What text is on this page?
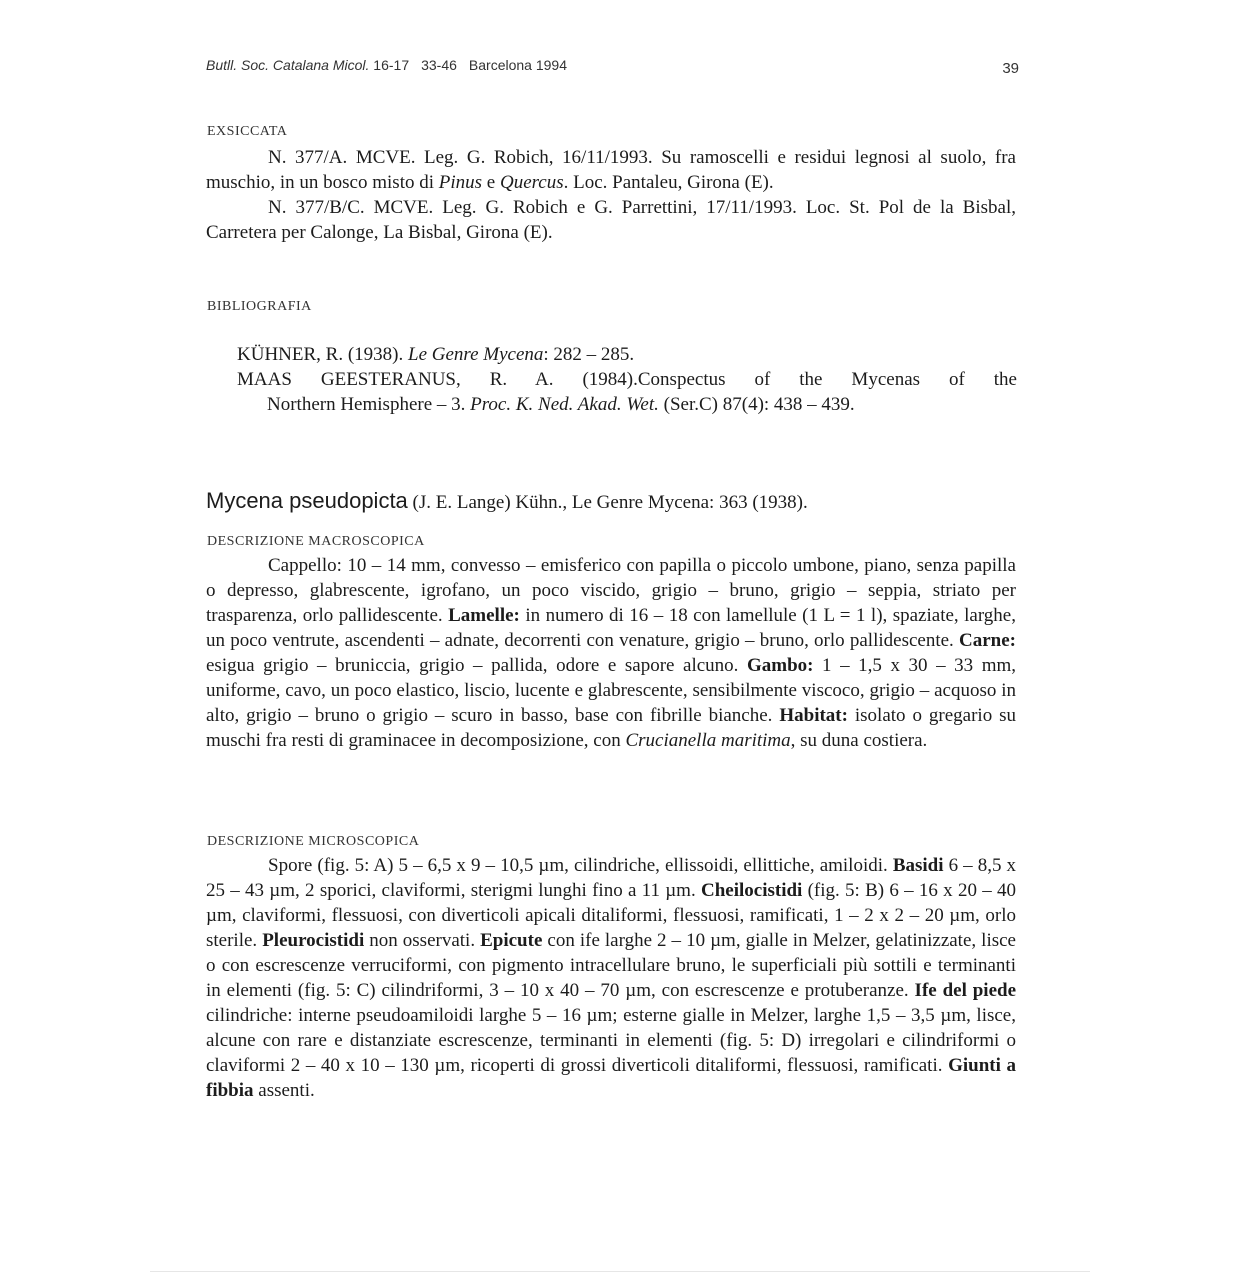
Butll. Soc. Catalana Micol. 16-17 33-46 Barcelona 1994	39
EXSICCATA

N. 377/A. MCVE. Leg. G. Robich, 16/11/1993. Su ramoscelli e residui legnosi al suolo, fra muschio, in un bosco misto di Pinus e Quercus. Loc. Pantaleu, Girona (E).

N. 377/B/C. MCVE. Leg. G. Robich e G. Parrettini, 17/11/1993. Loc. St. Pol de la Bisbal, Carretera per Calonge, La Bisbal, Girona (E).

BIBLIOGRAFIA

KÜHNER, R. (1938). Le Genre Mycena: 282 – 285.

MAAS GEESTERANUS, R. A. (1984).Conspectus of the Mycenas of the

Northern Hemisphere – 3. Proc. K. Ned. Akad. Wet. (Ser.C) 87(4): 438 – 439.

Mycena pseudopicta (J. E. Lange) Kühn., Le Genre Mycena: 363 (1938).
DESCRIZIONE MACROSCOPICA

Cappello: 10 – 14 mm, convesso – emisferico con papilla o piccolo umbone, piano, senza papilla o depresso, glabrescente, igrofano, un poco viscido, grigio – bruno, grigio – seppia, striato per trasparenza, orlo pallidescente. Lamelle: in numero di 16 – 18 con lamellule (1 L = 1 l), spaziate, larghe, un poco ventrute, ascendenti – adnate, decorrenti con venature, grigio – bruno, orlo pallidescente. Carne: esigua grigio – bruniccia, grigio – pallida, odore e sapore alcuno. Gambo: 1 – 1,5 x 30 – 33 mm, uniforme, cavo, un poco elastico, liscio, lucente e glabrescente, sensibilmente viscoco, grigio – acquoso in alto, grigio – bruno o grigio – scuro in basso, base con fibrille bianche. Habitat: isolato o gregario su muschi fra resti di graminacee in decomposizione, con Crucianella maritima, su duna costiera.

DESCRIZIONE MICROSCOPICA

Spore (fig. 5: A) 5 – 6,5 x 9 – 10,5 µm, cilindriche, ellissoidi, ellittiche, amiloidi. Basidi 6 – 8,5 x 25 – 43 µm, 2 sporici, claviformi, sterigmi lunghi fino a 11 µm. Cheilocistidi (fig. 5: B) 6 – 16 x 20 – 40 µm, claviformi, flessuosi, con diverticoli apicali ditaliformi, flessuosi, ramificati, 1 – 2 x 2 – 20 µm, orlo sterile. Pleurocistidi non osservati. Epicute con ife larghe 2 – 10 µm, gialle in Melzer, gelatinizzate, lisce o con escrescenze verruciformi, con pigmento intracellulare bruno, le superficiali più sottili e terminanti in elementi (fig. 5: C) cilindriformi, 3 – 10 x 40 – 70 µm, con escrescenze e protuberanze. Ife del piede cilindriche: interne pseudoamiloidi larghe 5 – 16 µm; esterne gialle in Melzer, larghe 1,5 – 3,5 µm, lisce, alcune con rare e distanziate escrescenze, terminanti in elementi (fig. 5: D) irregolari e cilindriformi o claviformi 2 – 40 x 10 – 130 µm, ricoperti di grossi diverticoli ditaliformi, flessuosi, ramificati. Giunti a fibbia assenti.
